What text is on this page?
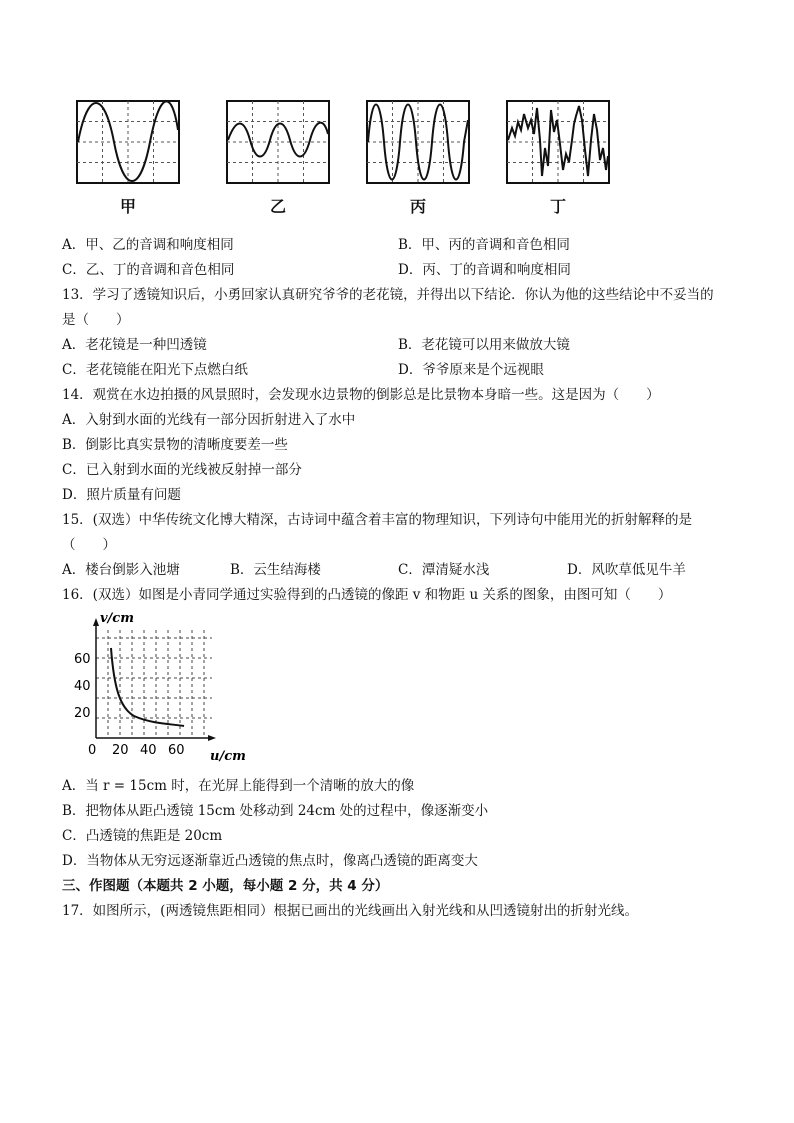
甲	乙	丙	丁
A．甲、乙的音调和响度相同	B．甲、丙的音调和音色相同
C．乙、丁的音调和音色相同	D．丙、丁的音调和响度相同
13．学习了透镜知识后，小勇回家认真研究爷爷的老花镜，并得出以下结论．你认为他的这些结论中不妥当的
是（　　）
A．老花镜是一种凹透镜	B．老花镜可以用来做放大镜
C．老花镜能在阳光下点燃白纸	D．爷爷原来是个远视眼
14．观赏在水边拍摄的风景照时，会发现水边景物的倒影总是比景物本身暗一些。这是因为（　　）
A．入射到水面的光线有一部分因折射进入了水中
B．倒影比真实景物的清晰度要差一些
C．已入射到水面的光线被反射掉一部分
D．照片质量有问题
15．(双选）中华传统文化博大精深，古诗词中蕴含着丰富的物理知识，下列诗句中能用光的折射解释的是
（　　）
A．楼台倒影入池塘	B．云生结海楼	C．潭清疑水浅	D．风吹草低见牛羊
16．(双选）如图是小青同学通过实验得到的凸透镜的像距 v 和物距 u 关系的图象，由图可知（　　）
v/cm
u/cm
60
40
20
0 20 40 60
A．当 r = 15cm 时，在光屏上能得到一个清晰的放大的像
B．把物体从距凸透镜 15cm 处移动到 24cm 处的过程中，像逐渐变小
C．凸透镜的焦距是 20cm
D．当物体从无穷远逐渐靠近凸透镜的焦点时，像离凸透镜的距离变大
三、作图题（本题共 2 小题，每小题 2 分，共 4 分）
17．如图所示，(两透镜焦距相同）根据已画出的光线画出入射光线和从凹透镜射出的折射光线。
